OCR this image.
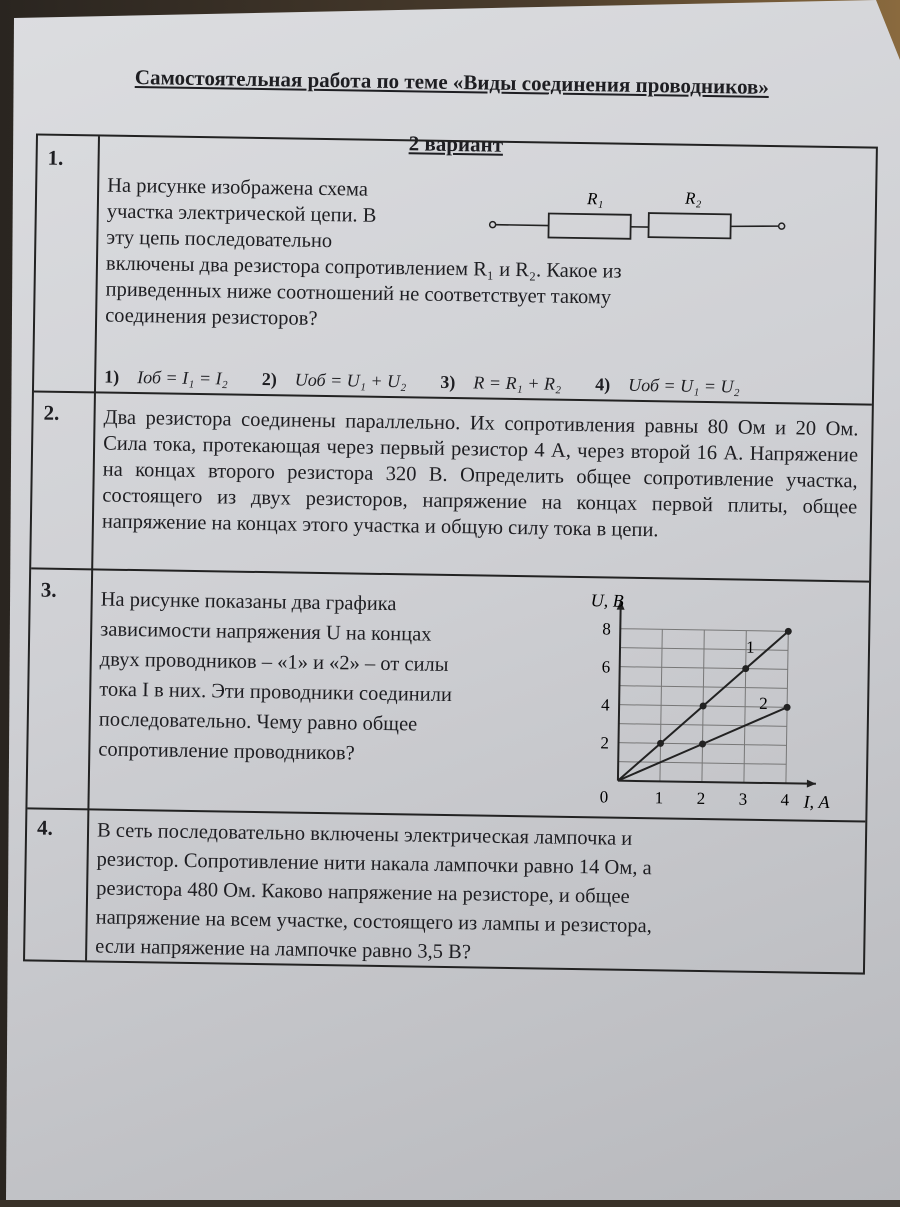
Самостоятельная работа по теме «Виды соединения проводников»
2 вариант
1.
На рисунке изображена схема
участка электрической цепи. В
эту цепь последовательно
включены два резистора сопротивлением R₁ и R₂. Какое из
приведенных ниже соотношений не соответствует такому
соединения резисторов?
R₁	R₂
1) Iоб = I₁ = I₂ 2) Uоб = U₁ + U₂ 3) R = R₁ + R₂ 4) Uоб = U₁ = U₂
2.	Два резистора соединены параллельно. Их сопротивления равны 80 Ом и 20 Ом. Сила тока, протекающая через первый резистор 4 А, через второй 16 А. Напряжение на концах второго резистора 320 В. Определить общее сопротивление участка, состоящего из двух резисторов, напряжение на концах первой плиты, общее напряжение на концах этого участка и общую силу тока в цепи.
3.	На рисунке показаны два графика
зависимости напряжения U на концах
двух проводников – «1» и «2» – от силы
тока I в них. Эти проводники соединили
последовательно. Чему равно общее
сопротивление проводников?
1 2 3 4
2
4
6
8
0	I, А
U, В
1
2
4.	В сеть последовательно включены электрическая лампочка и
резистор. Сопротивление нити накала лампочки равно 14 Ом, а
резистора 480 Ом. Каково напряжение на резисторе, и общее
напряжение на всем участке, состоящего из лампы и резистора,
если напряжение на лампочке равно 3,5 В?
